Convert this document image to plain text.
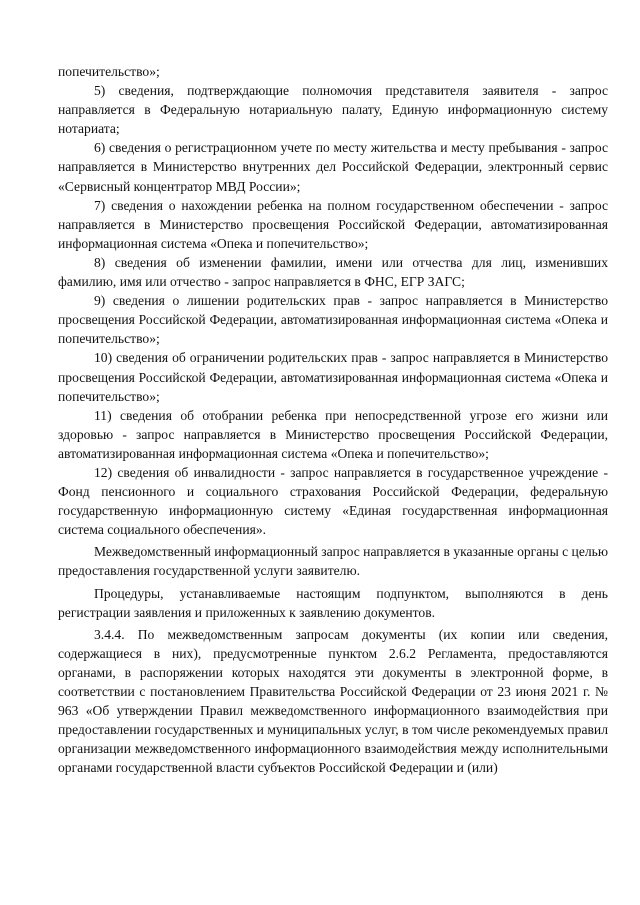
попечительство»;

5) сведения, подтверждающие полномочия представителя заявителя - запрос направляется в Федеральную нотариальную палату, Единую информационную систему нотариата;

6) сведения о регистрационном учете по месту жительства и месту пребывания - запрос направляется в Министерство внутренних дел Российской Федерации, электронный сервис «Сервисный концентратор МВД России»;

7) сведения о нахождении ребенка на полном государственном обеспечении - запрос направляется в Министерство просвещения Российской Федерации, автоматизированная информационная система «Опека и попечительство»;

8) сведения об изменении фамилии, имени или отчества для лиц, изменивших фамилию, имя или отчество - запрос направляется в ФНС, ЕГР ЗАГС;

9) сведения о лишении родительских прав - запрос направляется в Министерство просвещения Российской Федерации, автоматизированная информационная система «Опека и попечительство»;

10) сведения об ограничении родительских прав - запрос направляется в Министерство просвещения Российской Федерации, автоматизированная информационная система «Опека и попечительство»;

11) сведения об отобрании ребенка при непосредственной угрозе его жизни или здоровью - запрос направляется в Министерство просвещения Российской Федерации, автоматизированная информационная система «Опека и попечительство»;

12) сведения об инвалидности - запрос направляется в государственное учреждение - Фонд пенсионного и социального страхования Российской Федерации, федеральную государственную информационную систему «Единая государственная информационная система социального обеспечения».

Межведомственный информационный запрос направляется в указанные органы с целью предоставления государственной услуги заявителю.

Процедуры, устанавливаемые настоящим подпунктом, выполняются в день регистрации заявления и приложенных к заявлению документов.

3.4.4. По межведомственным запросам документы (их копии или сведения, содержащиеся в них), предусмотренные пунктом 2.6.2 Регламента, предоставляются органами, в распоряжении которых находятся эти документы в электронной форме, в соответствии с постановлением Правительства Российской Федерации от 23 июня 2021 г. № 963 «Об утверждении Правил межведомственного информационного взаимодействия при предоставлении государственных и муниципальных услуг, в том числе рекомендуемых правил организации межведомственного информационного взаимодействия между исполнительными органами государственной власти субъектов Российской Федерации и (или)
